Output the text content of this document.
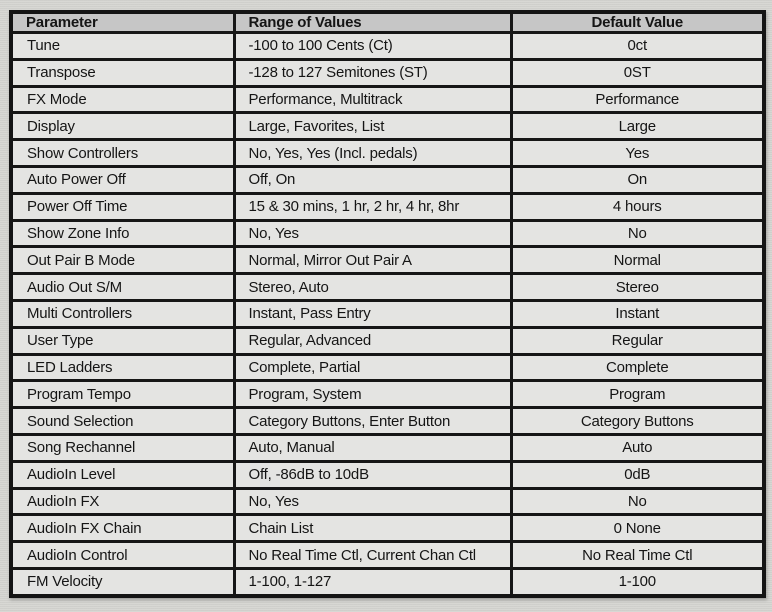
Parameter	Range of Values	Default Value
Tune	-100 to 100 Cents (Ct)	0ct
Transpose	-128 to 127 Semitones (ST)	0ST
FX Mode	Performance, Multitrack	Performance
Display	Large, Favorites, List	Large
Show Controllers	No, Yes, Yes (Incl. pedals)	Yes
Auto Power Off	Off, On	On
Power Off Time	15 & 30 mins, 1 hr, 2 hr, 4 hr, 8hr	4 hours
Show Zone Info	No, Yes	No
Out Pair B Mode	Normal, Mirror Out Pair A	Normal
Audio Out S/M	Stereo, Auto	Stereo
Multi Controllers	Instant, Pass Entry	Instant
User Type	Regular, Advanced	Regular
LED Ladders	Complete, Partial	Complete
Program Tempo	Program, System	Program
Sound Selection	Category Buttons, Enter Button	Category Buttons
Song Rechannel	Auto, Manual	Auto
AudioIn Level	Off, -86dB to 10dB	0dB
AudioIn FX	No, Yes	No
AudioIn FX Chain	Chain List	0 None
AudioIn Control	No Real Time Ctl, Current Chan Ctl	No Real Time Ctl
FM Velocity	1-100, 1-127	1-100
